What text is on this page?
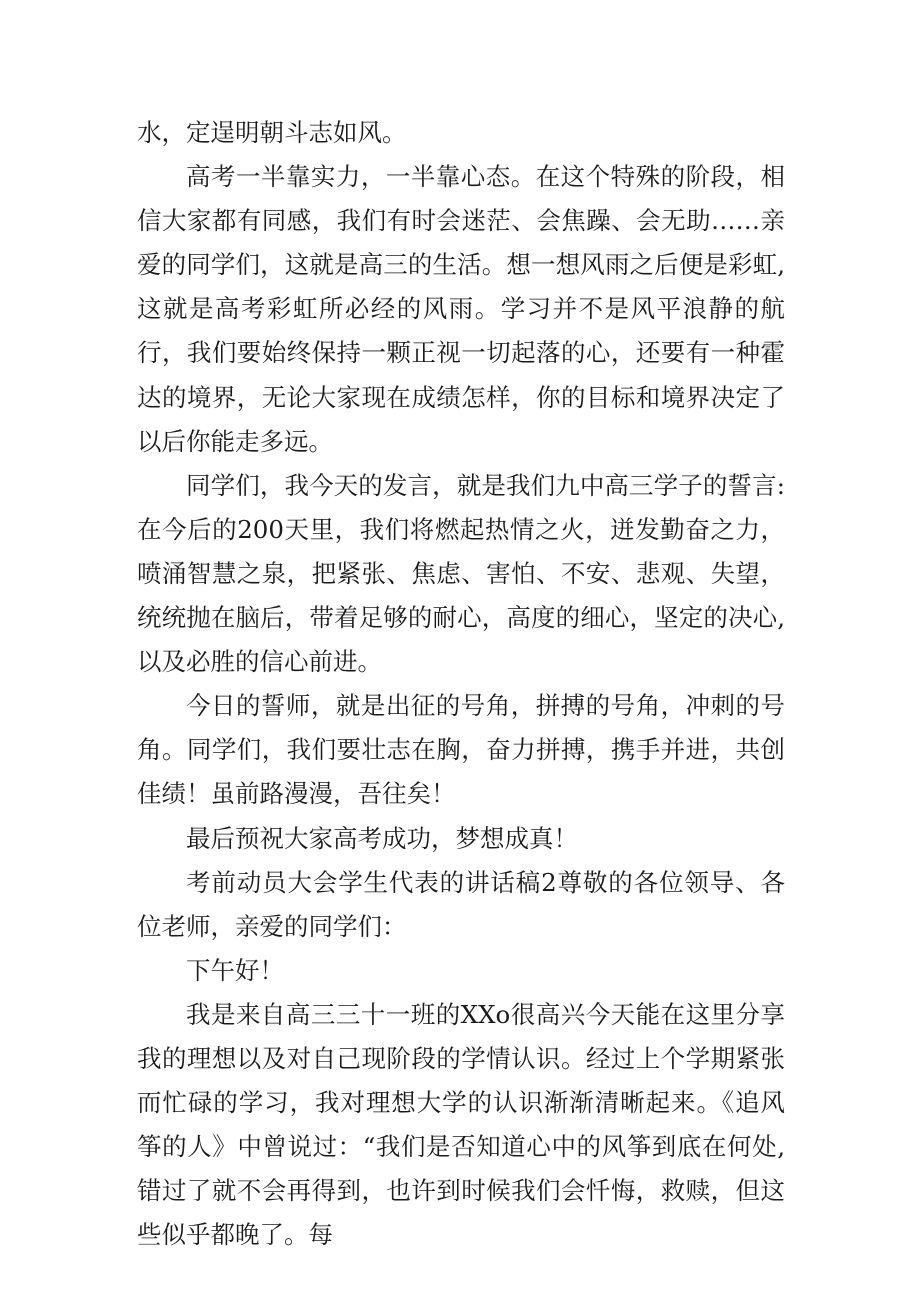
水，定逞明朝斗志如风。

高考一半靠实力，一半靠心态。在这个特殊的阶段，相信大家都有同感，我们有时会迷茫、会焦躁、会无助……亲爱的同学们，这就是高三的生活。想一想风雨之后便是彩虹,这就是高考彩虹所必经的风雨。学习并不是风平浪静的航行，我们要始终保持一颗正视一切起落的心，还要有一种霍达的境界，无论大家现在成绩怎样，你的目标和境界决定了以后你能走多远。

同学们，我今天的发言，就是我们九中高三学子的誓言:在今后的200天里，我们将燃起热情之火，迸发勤奋之力，喷涌智慧之泉，把紧张、焦虑、害怕、不安、悲观、失望，统统抛在脑后，带着足够的耐心，高度的细心，坚定的决心,以及必胜的信心前进。

今日的誓师，就是出征的号角，拼搏的号角，冲刺的号角。同学们，我们要壮志在胸，奋力拼搏，携手并进，共创佳绩！虽前路漫漫，吾往矣！

最后预祝大家高考成功，梦想成真！

考前动员大会学生代表的讲话稿2尊敬的各位领导、各位老师，亲爱的同学们：

下午好！

我是来自高三三十一班的XXo很高兴今天能在这里分享我的理想以及对自己现阶段的学情认识。经过上个学期紧张而忙碌的学习，我对理想大学的认识渐渐清晰起来。《追风筝的人》中曾说过：“我们是否知道心中的风筝到底在何处,错过了就不会再得到，也许到时候我们会忏悔，救赎，但这些似乎都晚了。每
